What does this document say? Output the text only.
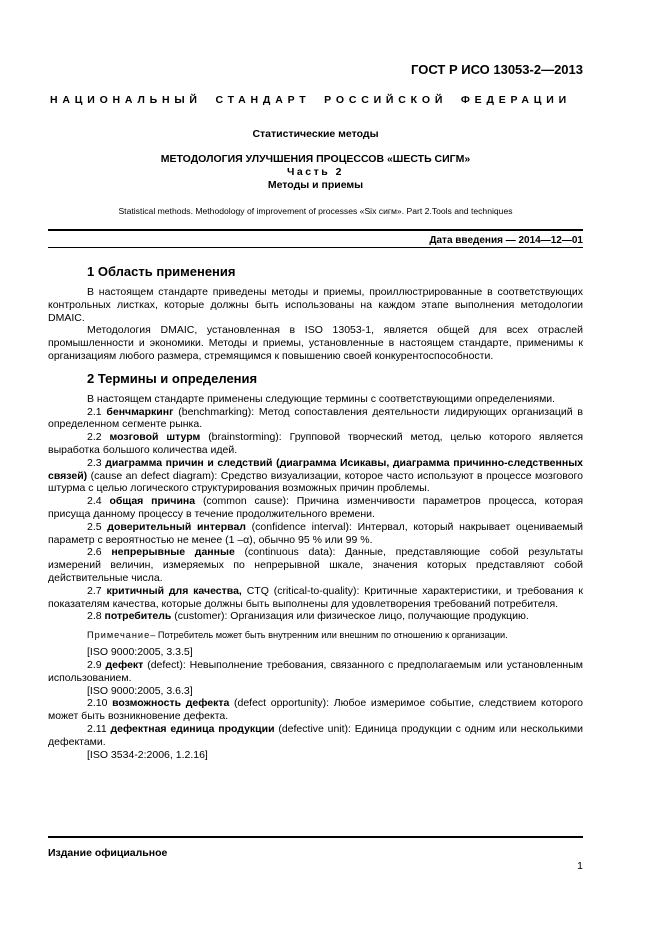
ГОСТ Р ИСО 13053-2—2013
НАЦИОНАЛЬНЫЙ СТАНДАРТ РОССИЙСКОЙ ФЕДЕРАЦИИ
Статистические методы
МЕТОДОЛОГИЯ УЛУЧШЕНИЯ ПРОЦЕССОВ «ШЕСТЬ СИГМ»
Часть 2
Методы и приемы
Statistical methods. Methodology of improvement of processes «Six сигм». Part 2.Tools and techniques
Дата введения — 2014—12—01
1 Область применения

В настоящем стандарте приведены методы и приемы, проиллюстрированные в соответствующих контрольных листках, которые должны быть использованы на каждом этапе выполнения методологии DMAIC.

Методология DMAIC, установленная в ISO 13053-1, является общей для всех отраслей промышленности и экономики. Методы и приемы, установленные в настоящем стандарте, применимы к организациям любого размера, стремящимся к повышению своей конкурентоспособности.

2 Термины и определения

В настоящем стандарте применены следующие термины с соответствующими определениями.

2.1 бенчмаркинг (benchmarking): Метод сопоставления деятельности лидирующих организаций в определенном сегменте рынка.

2.2 мозговой штурм (brainstorming): Групповой творческий метод, целью которого является выработка большого количества идей.

2.3 диаграмма причин и следствий (диаграмма Исикавы, диаграмма причинно-следственных связей) (cause an defect diagram): Средство визуализации, которое часто используют в процессе мозгового штурма с целью логического структурирования возможных причин проблемы.

2.4 общая причина (common cause): Причина изменчивости параметров процесса, которая присуща данному процессу в течение продолжительного времени.

2.5 доверительный интервал (confidence interval): Интервал, который накрывает оцениваемый параметр с вероятностью не менее (1 –α), обычно 95 % или 99 %.

2.6 непрерывные данные (continuous data): Данные, представляющие собой результаты измерений величин, измеряемых по непрерывной шкале, значения которых представляют собой действительные числа.

2.7 критичный для качества, CTQ (critical-to-quality): Критичные характеристики, и требования к показателям качества, которые должны быть выполнены для удовлетворения требований потребителя.

2.8 потребитель (customer): Организация или физическое лицо, получающие продукцию.

Примечание– Потребитель может быть внутренним или внешним по отношению к организации.

[ISO 9000:2005, 3.3.5]

2.9 дефект (defect): Невыполнение требования, связанного с предполагаемым или установленным использованием.

[ISO 9000:2005, 3.6.3]

2.10 возможность дефекта (defect opportunity): Любое измеримое событие, следствием которого может быть возникновение дефекта.

2.11 дефектная единица продукции (defective unit): Единица продукции с одним или несколькими дефектами.

[ISO 3534-2:2006, 1.2.16]

Издание официальное
1
